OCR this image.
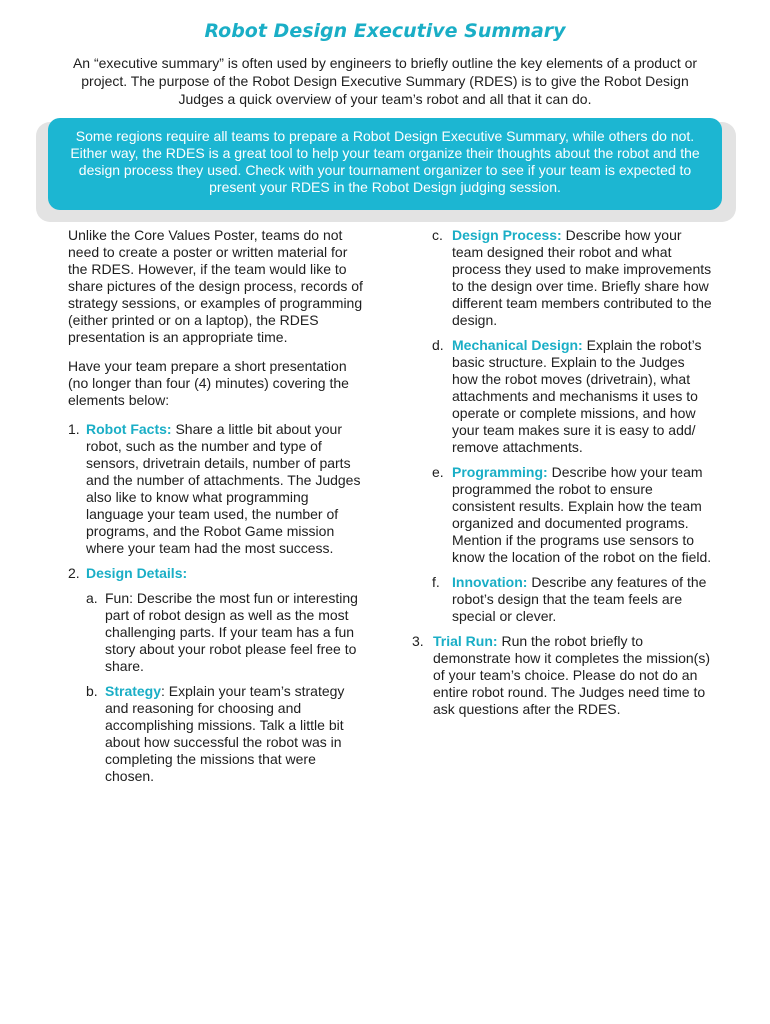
Robot Design Executive Summary

An “executive summary” is often used by engineers to briefly outline the key elements of a product or project. The purpose of the Robot Design Executive Summary (RDES) is to give the Robot Design Judges a quick overview of your team’s robot and all that it can do.

Some regions require all teams to prepare a Robot Design Executive Summary, while others do not. Either way, the RDES is a great tool to help your team organize their thoughts about the robot and the design process they used. Check with your tournament organizer to see if your team is expected to present your RDES in the Robot Design judging session.

Unlike the Core Values Poster, teams do not need to create a poster or written material for the RDES. However, if the team would like to share pictures of the design process, records of strategy sessions, or examples of programming (either printed or on a laptop), the RDES presentation is an appropriate time.

Have your team prepare a short presentation (no longer than four (4) minutes) covering the elements below:

1. Robot Facts: Share a little bit about your robot, such as the number and type of sensors, drivetrain details, number of parts and the number of attachments. The Judges also like to know what programming language your team used, the number of programs, and the Robot Game mission where your team had the most success.
2. Design Details:
a. Fun: Describe the most fun or interesting part of robot design as well as the most challenging parts. If your team has a fun story about your robot please feel free to share.
b. Strategy: Explain your team’s strategy and reasoning for choosing and accomplishing missions. Talk a little bit about how successful the robot was in completing the missions that were chosen.
c. Design Process: Describe how your team designed their robot and what process they used to make improvements to the design over time. Briefly share how different team members contributed to the design.
d. Mechanical Design: Explain the robot’s basic structure. Explain to the Judges how the robot moves (drivetrain), what attachments and mechanisms it uses to operate or complete missions, and how your team makes sure it is easy to add/ remove attachments.
e. Programming: Describe how your team programmed the robot to ensure consistent results. Explain how the team organized and documented programs. Mention if the programs use sensors to know the location of the robot on the field.
f. Innovation: Describe any features of the robot’s design that the team feels are special or clever.
3. Trial Run: Run the robot briefly to demonstrate how it completes the mission(s) of your team’s choice. Please do not do an entire robot round. The Judges need time to ask questions after the RDES.
